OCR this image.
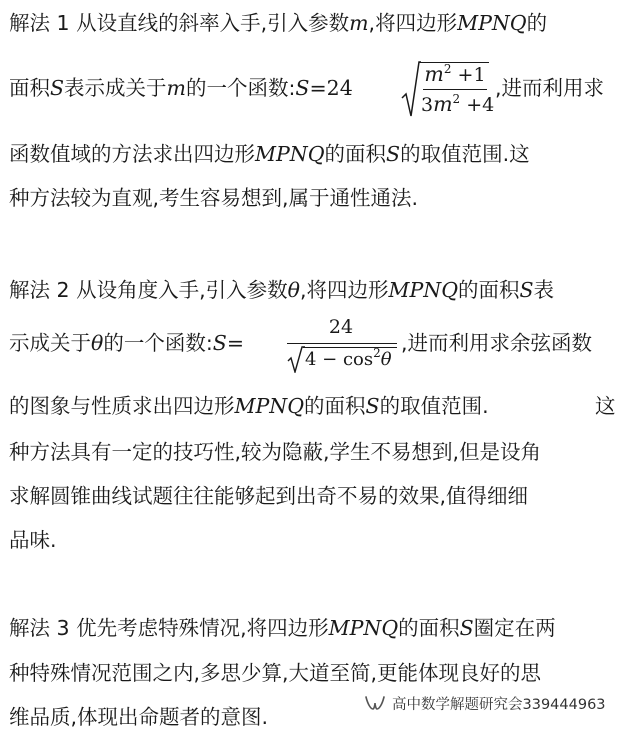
解法 1 从设直线的斜率入手,引入参数m,将四边形MPNQ的
面积S表示成关于m的一个函数:S=24
$m^2 +1$
$3m^2 +4$
,进而利用求
函数值域的方法求出四边形MPNQ的面积S的取值范围.这
种方法较为直观,考生容易想到,属于通性通法.
解法 2 从设角度入手,引入参数θ,将四边形MPNQ的面积S表
示成关于θ的一个函数:S=
24
$4 - \cos^2\theta$
,进而利用求余弦函数
的图象与性质求出四边形MPNQ的面积S的取值范围.	这
种方法具有一定的技巧性,较为隐蔽,学生不易想到,但是设角
求解圆锥曲线试题往往能够起到出奇不易的效果,值得细细
品味.
解法 3 优先考虑特殊情况,将四边形MPNQ的面积S圈定在两
种特殊情况范围之内,多思少算,大道至简,更能体现良好的思
维品质,体现出命题者的意图.
高中数学解题研究会339444963
